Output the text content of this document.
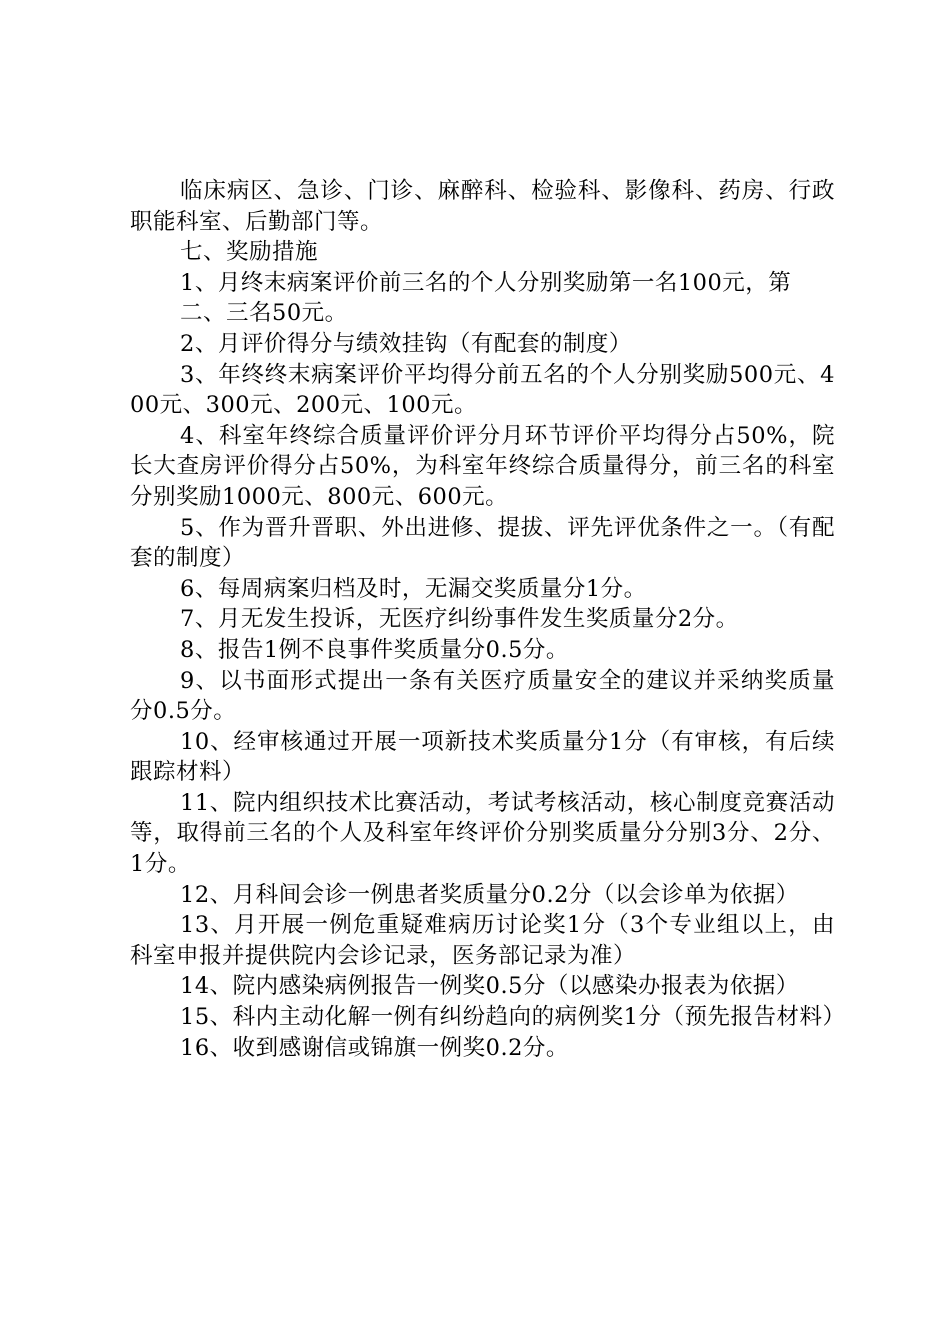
临床病区、急诊、门诊、麻醉科、检验科、影像科、药房、行政职能科室、后勤部门等。

七、奖励措施

1、月终末病案评价前三名的个人分别奖励第一名100元，第

二、三名50元。

2、月评价得分与绩效挂钩（有配套的制度）

3、年终终末病案评价平均得分前五名的个人分别奖励500元、400元、300元、200元、100元。

4、科室年终综合质量评价评分月环节评价平均得分占50%，院长大查房评价得分占50%，为科室年终综合质量得分，前三名的科室分别奖励1000元、800元、600元。

5、作为晋升晋职、外出进修、提拔、评先评优条件之一。（有配套的制度）

6、每周病案归档及时，无漏交奖质量分1分。

7、月无发生投诉，无医疗纠纷事件发生奖质量分2分。

8、报告1例不良事件奖质量分0.5分。

9、以书面形式提出一条有关医疗质量安全的建议并采纳奖质量分0.5分。

10、经审核通过开展一项新技术奖质量分1分（有审核，有后续跟踪材料）

11、院内组织技术比赛活动，考试考核活动，核心制度竞赛活动等，取得前三名的个人及科室年终评价分别奖质量分分别3分、2分、1分。

12、月科间会诊一例患者奖质量分0.2分（以会诊单为依据）

13、月开展一例危重疑难病历讨论奖1分（3个专业组以上，由科室申报并提供院内会诊记录，医务部记录为准）

14、院内感染病例报告一例奖0.5分（以感染办报表为依据）

15、科内主动化解一例有纠纷趋向的病例奖1分（预先报告材料）

16、收到感谢信或锦旗一例奖0.2分。
